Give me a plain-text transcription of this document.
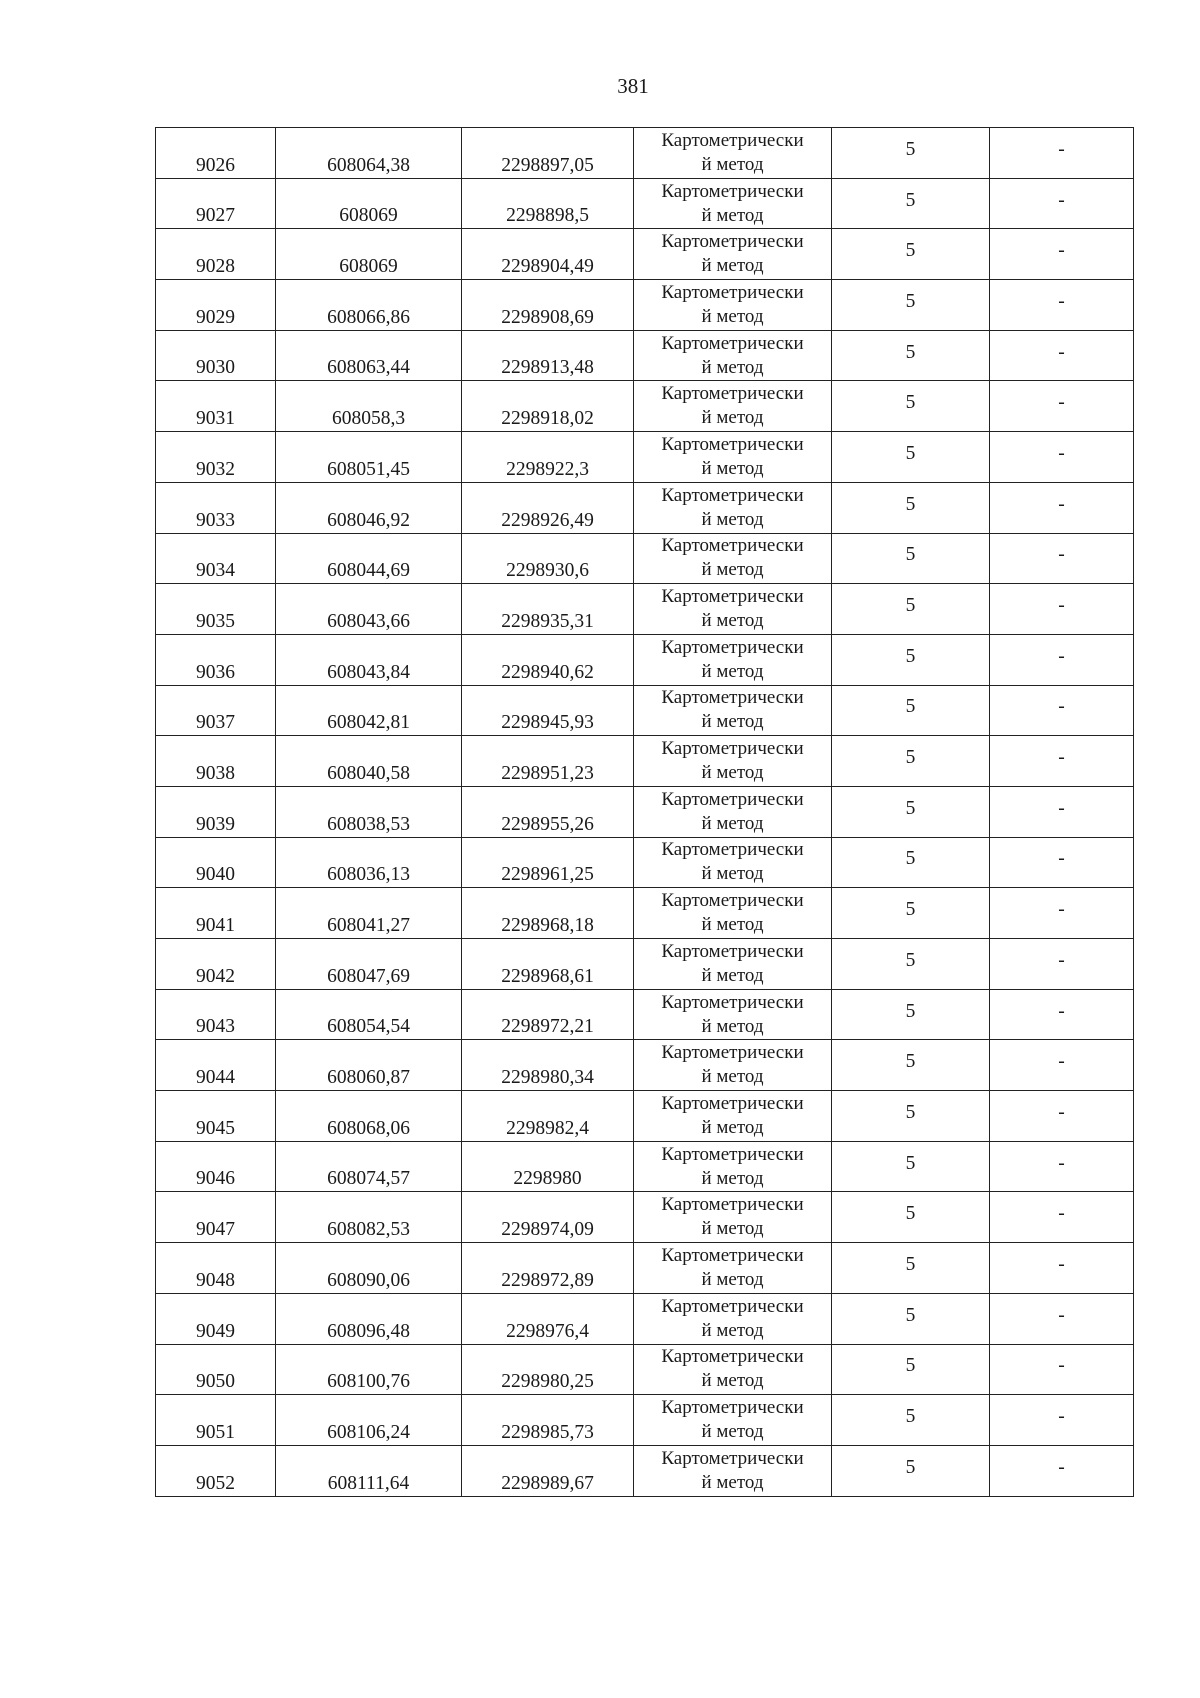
381
9026	608064,38	2298897,05	Картометрически
й метод	5	-
9027	608069	2298898,5	Картометрически
й метод	5	-
9028	608069	2298904,49	Картометрически
й метод	5	-
9029	608066,86	2298908,69	Картометрически
й метод	5	-
9030	608063,44	2298913,48	Картометрически
й метод	5	-
9031	608058,3	2298918,02	Картометрически
й метод	5	-
9032	608051,45	2298922,3	Картометрически
й метод	5	-
9033	608046,92	2298926,49	Картометрически
й метод	5	-
9034	608044,69	2298930,6	Картометрически
й метод	5	-
9035	608043,66	2298935,31	Картометрически
й метод	5	-
9036	608043,84	2298940,62	Картометрически
й метод	5	-
9037	608042,81	2298945,93	Картометрически
й метод	5	-
9038	608040,58	2298951,23	Картометрически
й метод	5	-
9039	608038,53	2298955,26	Картометрически
й метод	5	-
9040	608036,13	2298961,25	Картометрически
й метод	5	-
9041	608041,27	2298968,18	Картометрически
й метод	5	-
9042	608047,69	2298968,61	Картометрически
й метод	5	-
9043	608054,54	2298972,21	Картометрически
й метод	5	-
9044	608060,87	2298980,34	Картометрически
й метод	5	-
9045	608068,06	2298982,4	Картометрически
й метод	5	-
9046	608074,57	2298980	Картометрически
й метод	5	-
9047	608082,53	2298974,09	Картометрически
й метод	5	-
9048	608090,06	2298972,89	Картометрически
й метод	5	-
9049	608096,48	2298976,4	Картометрически
й метод	5	-
9050	608100,76	2298980,25	Картометрически
й метод	5	-
9051	608106,24	2298985,73	Картометрически
й метод	5	-
9052	608111,64	2298989,67	Картометрически
й метод	5	-
